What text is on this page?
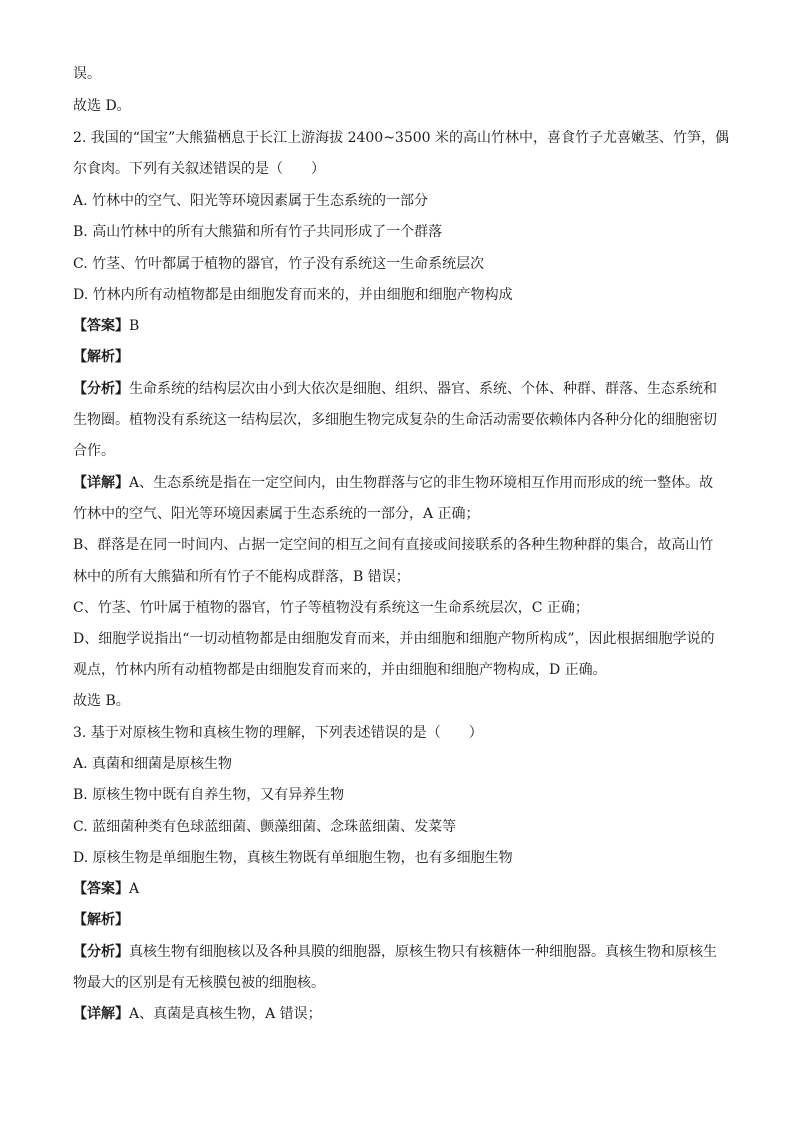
误。
故选 D。
2. 我国的“国宝”大熊猫栖息于长江上游海拔 2400~3500 米的高山竹林中，喜食竹子尤喜嫩茎、竹笋，偶
尔食肉。下列有关叙述错误的是（　　）
A. 竹林中的空气、阳光等环境因素属于生态系统的一部分
B. 高山竹林中的所有大熊猫和所有竹子共同形成了一个群落
C. 竹茎、竹叶都属于植物的器官，竹子没有系统这一生命系统层次
D. 竹林内所有动植物都是由细胞发育而来的，并由细胞和细胞产物构成
【答案】B
【解析】
【分析】生命系统的结构层次由小到大依次是细胞、组织、器官、系统、个体、种群、群落、生态系统和
生物圈。植物没有系统这一结构层次，多细胞生物完成复杂的生命活动需要依赖体内各种分化的细胞密切
合作。
【详解】A、生态系统是指在一定空间内，由生物群落与它的非生物环境相互作用而形成的统一整体。故
竹林中的空气、阳光等环境因素属于生态系统的一部分，A 正确；
B、群落是在同一时间内、占据一定空间的相互之间有直接或间接联系的各种生物种群的集合，故高山竹
林中的所有大熊猫和所有竹子不能构成群落，B 错误；
C、竹茎、竹叶属于植物的器官，竹子等植物没有系统这一生命系统层次，C 正确；
D、细胞学说指出“一切动植物都是由细胞发育而来，并由细胞和细胞产物所构成”，因此根据细胞学说的
观点，竹林内所有动植物都是由细胞发育而来的，并由细胞和细胞产物构成，D 正确。
故选 B。
3. 基于对原核生物和真核生物的理解，下列表述错误的是（　　）
A. 真菌和细菌是原核生物
B. 原核生物中既有自养生物，又有异养生物
C. 蓝细菌种类有色球蓝细菌、颤藻细菌、念珠蓝细菌、发菜等
D. 原核生物是单细胞生物，真核生物既有单细胞生物，也有多细胞生物
【答案】A
【解析】
【分析】真核生物有细胞核以及各种具膜的细胞器，原核生物只有核糖体一种细胞器。真核生物和原核生
物最大的区别是有无核膜包被的细胞核。
【详解】A、真菌是真核生物，A 错误；
